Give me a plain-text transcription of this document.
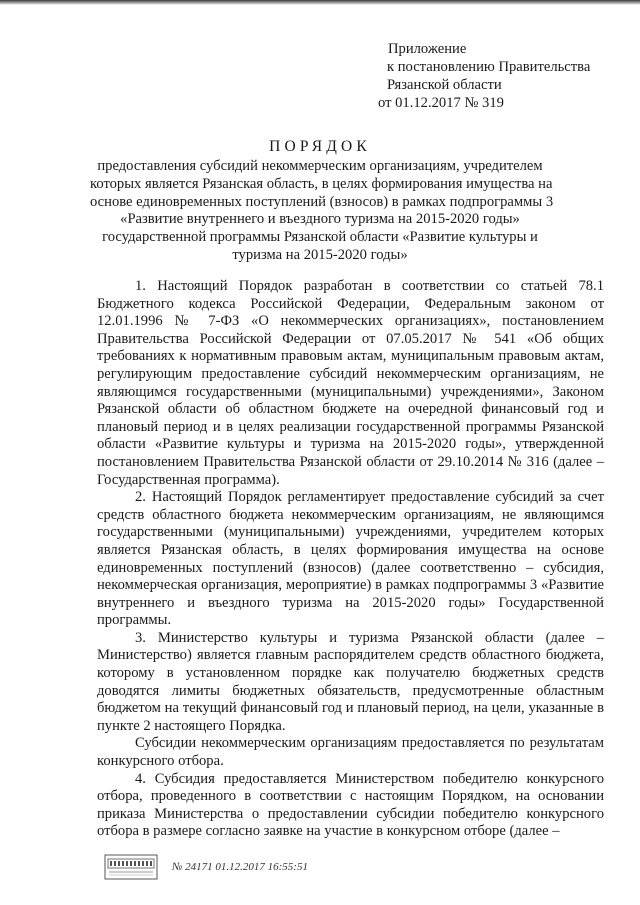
Приложение
к постановлению Правительства
Рязанской области
от 01.12.2017 № 319
ПОРЯДОК
предоставления субсидий некоммерческим организациям, учредителем
которых является Рязанская область, в целях формирования имущества на
основе единовременных поступлений (взносов) в рамках подпрограммы 3
«Развитие внутреннего и въездного туризма на 2015-2020 годы»
государственной программы Рязанской области «Развитие культуры и
туризма на 2015-2020 годы»

1. Настоящий Порядок разработан в соответствии со статьей 78.1 Бюджетного кодекса Российской Федерации, Федеральным законом от 12.01.1996 № 7-ФЗ «О некоммерческих организациях», постановлением Правительства Российской Федерации от 07.05.2017 № 541 «Об общих требованиях к нормативным правовым актам, муниципальным правовым актам, регулирующим предоставление субсидий некоммерческим организациям, не являющимся государственными (муниципальными) учреждениями», Законом Рязанской области об областном бюджете на очередной финансовый год и плановый период и в целях реализации государственной программы Рязанской области «Развитие культуры и туризма на 2015-2020 годы», утвержденной постановлением Правительства Рязанской области от 29.10.2014 № 316 (далее – Государственная программа).

2. Настоящий Порядок регламентирует предоставление субсидий за счет средств областного бюджета некоммерческим организациям, не являющимся государственными (муниципальными) учреждениями, учредителем которых является Рязанская область, в целях формирования имущества на основе единовременных поступлений (взносов) (далее соответственно – субсидия, некоммерческая организация, мероприятие) в рамках подпрограммы 3 «Развитие внутреннего и въездного туризма на 2015-2020 годы» Государственной программы.

3. Министерство культуры и туризма Рязанской области (далее – Министерство) является главным распорядителем средств областного бюджета, которому в установленном порядке как получателю бюджетных средств доводятся лимиты бюджетных обязательств, предусмотренные областным бюджетом на текущий финансовый год и плановый период, на цели, указанные в пункте 2 настоящего Порядка.

Субсидии некоммерческим организациям предоставляется по результатам конкурсного отбора.

4. Субсидия предоставляется Министерством победителю конкурсного отбора, проведенного в соответствии с настоящим Порядком, на основании приказа Министерства о предоставлении субсидии победителю конкурсного отбора в размере согласно заявке на участие в конкурсном отборе (далее –

№ 24171 01.12.2017 16:55:51
